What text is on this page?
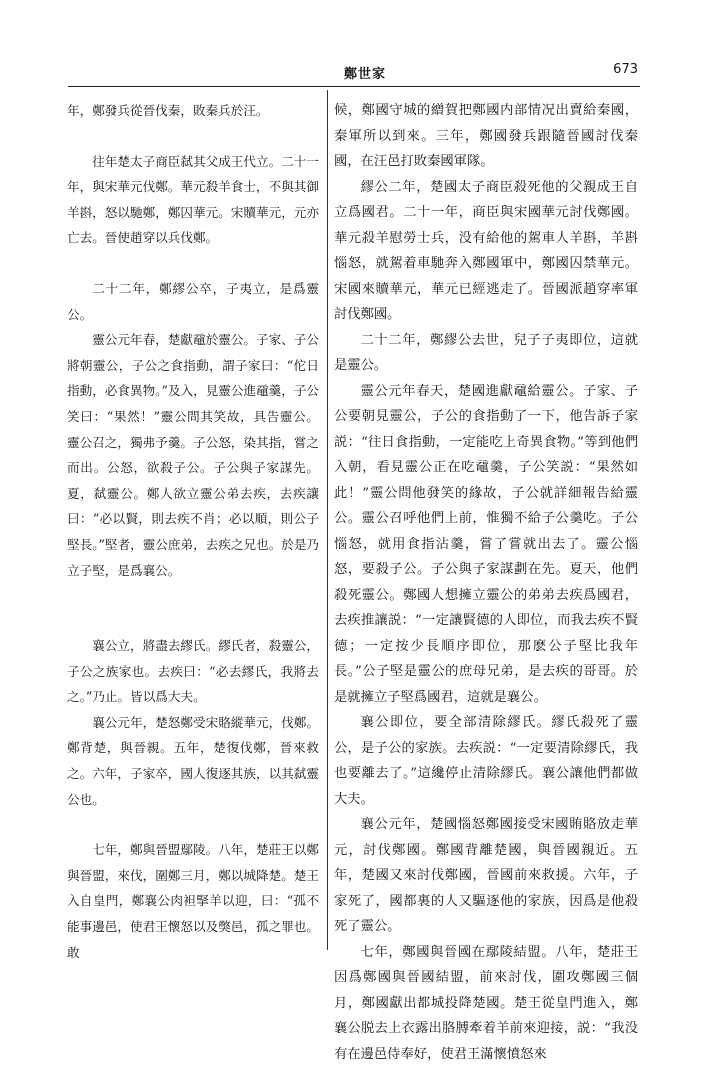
鄭世家	673

年，鄭發兵從晉伐秦，敗秦兵於汪。

往年楚太子商臣弑其父成王代立。二十一年，與宋華元伐鄭。華元殺羊食士，不與其御羊斟，怒以馳鄭，鄭囚華元。宋贖華元，元亦亡去。晉使趙穿以兵伐鄭。

二十二年，鄭繆公卒，子夷立，是爲靈公。

靈公元年春，楚獻黿於靈公。子家、子公將朝靈公，子公之食指動，謂子家曰：“佗日指動，必食異物。”及入，見靈公進黿羹，子公笑曰：“果然！”靈公問其笑故，具告靈公。靈公召之，獨弗予羹。子公怒，染其指，嘗之而出。公怒，欲殺子公。子公與子家謀先。夏，弑靈公。鄭人欲立靈公弟去疾，去疾讓曰：“必以賢，則去疾不肖；必以順，則公子堅長。”堅者，靈公庶弟，去疾之兄也。於是乃立子堅，是爲襄公。

襄公立，將盡去繆氏。繆氏者，殺靈公，子公之族家也。去疾曰：“必去繆氏，我將去之。”乃止。皆以爲大夫。

襄公元年，楚怒鄭受宋賂縱華元，伐鄭。鄭背楚，與晉親。五年，楚復伐鄭，晉來救之。六年，子家卒，國人復逐其族，以其弑靈公也。

七年，鄭與晉盟鄢陵。八年，楚莊王以鄭與晉盟，來伐，圍鄭三月，鄭以城降楚。楚王入自皇門，鄭襄公肉袒掔羊以迎，曰：“孤不能事邊邑，使君王懷怒以及獘邑，孤之罪也。敢

候，鄭國守城的繒賀把鄭國内部情况出賣給秦國，秦軍所以到來。三年，鄭國發兵跟隨晉國討伐秦國，在汪邑打敗秦國軍隊。

繆公二年，楚國太子商臣殺死他的父親成王自立爲國君。二十一年，商臣與宋國華元討伐鄭國。華元殺羊慰勞士兵，没有給他的駕車人羊斟，羊斟惱怒，就駕着車馳奔入鄭國軍中，鄭國囚禁華元。宋國來贖華元，華元已經逃走了。晉國派趙穿率軍討伐鄭國。

二十二年，鄭繆公去世，兒子子夷即位，這就是靈公。

靈公元年春天，楚國進獻黿給靈公。子家、子公要朝見靈公，子公的食指動了一下，他告訴子家説：“往日食指動，一定能吃上奇異食物。”等到他們入朝，看見靈公正在吃黿羹，子公笑説：“果然如此！”靈公問他發笑的緣故，子公就詳細報告給靈公。靈公召呼他們上前，惟獨不給子公羹吃。子公惱怒，就用食指沾羹，嘗了嘗就出去了。靈公惱怒，要殺子公。子公與子家謀劃在先。夏天，他們殺死靈公。鄭國人想擁立靈公的弟弟去疾爲國君，去疾推讓説：“一定讓賢德的人即位，而我去疾不賢德；一定按少長順序即位，那麽公子堅比我年長。”公子堅是靈公的庶母兄弟，是去疾的哥哥。於是就擁立子堅爲國君，這就是襄公。

襄公即位，要全部清除繆氏。繆氏殺死了靈公，是子公的家族。去疾説：“一定要清除繆氏，我也要離去了。”這纔停止清除繆氏。襄公讓他們都做大夫。

襄公元年，楚國惱怒鄭國接受宋國賄賂放走華元，討伐鄭國。鄭國背離楚國，與晉國親近。五年，楚國又來討伐鄭國，晉國前來救援。六年，子家死了，國都裏的人又驅逐他的家族，因爲是他殺死了靈公。

七年，鄭國與晉國在鄢陵結盟。八年，楚莊王因爲鄭國與晉國結盟，前來討伐，圍攻鄭國三個月，鄭國獻出都城投降楚國。楚王從皇門進入，鄭襄公脱去上衣露出胳膊牽着羊前來迎接，説：“我没有在邊邑侍奉好，使君王滿懷憤怒來
